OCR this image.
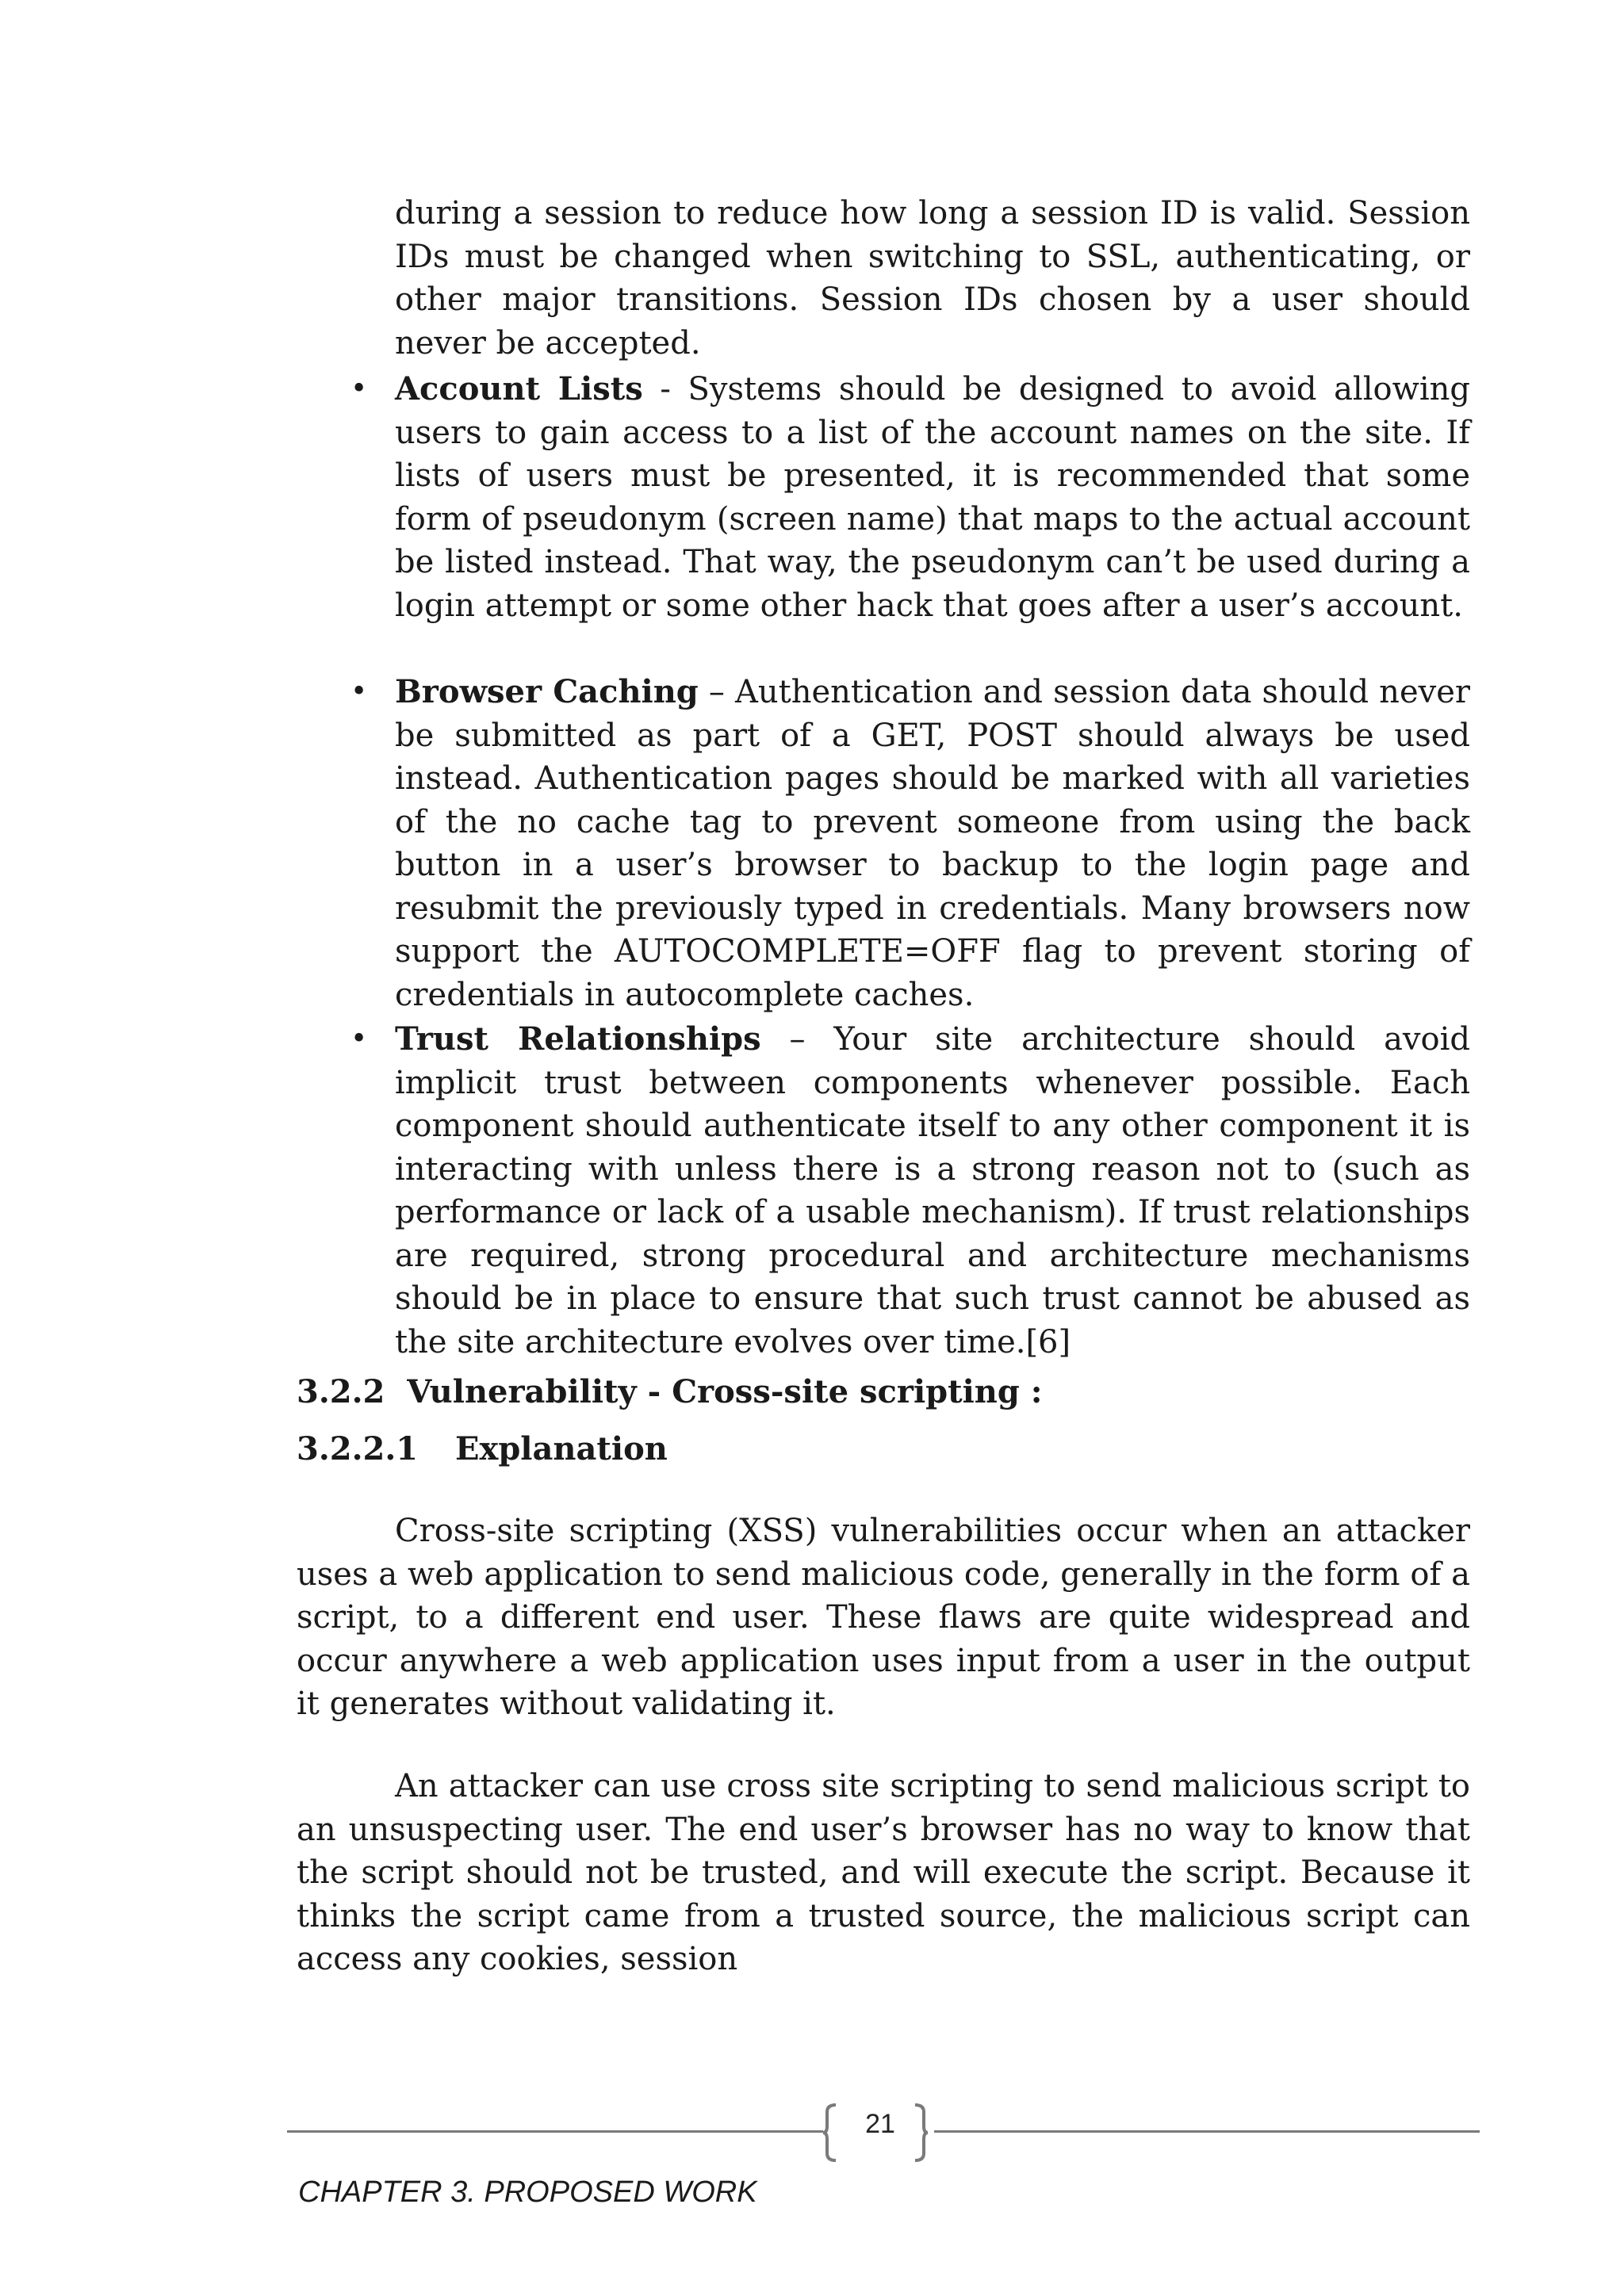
during a session to reduce how long a session ID is valid. Session IDs must be changed when switching to SSL, authenticating, or other major transitions. Session IDs chosen by a user should never be accepted.

• Account Lists - Systems should be designed to avoid allowing users to gain access to a list of the account names on the site. If lists of users must be presented, it is recommended that some form of pseudonym (screen name) that maps to the actual account be listed instead. That way, the pseudonym can’t be used during a login attempt or some other hack that goes after a user’s account.
• Browser Caching – Authentication and session data should never be submitted as part of a GET, POST should always be used instead. Authentication pages should be marked with all varieties of the no cache tag to prevent someone from using the back button in a user’s browser to backup to the login page and resubmit the previously typed in credentials. Many browsers now support the AUTOCOMPLETE=OFF flag to prevent storing of credentials in autocomplete caches.
• Trust Relationships – Your site architecture should avoid implicit trust between components whenever possible. Each component should authenticate itself to any other component it is interacting with unless there is a strong reason not to (such as performance or lack of a usable mechanism). If trust relationships are required, strong procedural and architecture mechanisms should be in place to ensure that such trust cannot be abused as the site architecture evolves over time.[6]
3.2.2  Vulnerability - Cross-site scripting :
3.2.2.1 Explanation

Cross-site scripting (XSS) vulnerabilities occur when an attacker uses a web application to send malicious code, generally in the form of a script, to a different end user. These flaws are quite widespread and occur anywhere a web application uses input from a user in the output it generates without validating it.

An attacker can use cross site scripting to send malicious script to an unsuspecting user. The end user’s browser has no way to know that the script should not be trusted, and will execute the script. Because it thinks the script came from a trusted source, the malicious script can access any cookies, session

21
CHAPTER 3. PROPOSED WORK
